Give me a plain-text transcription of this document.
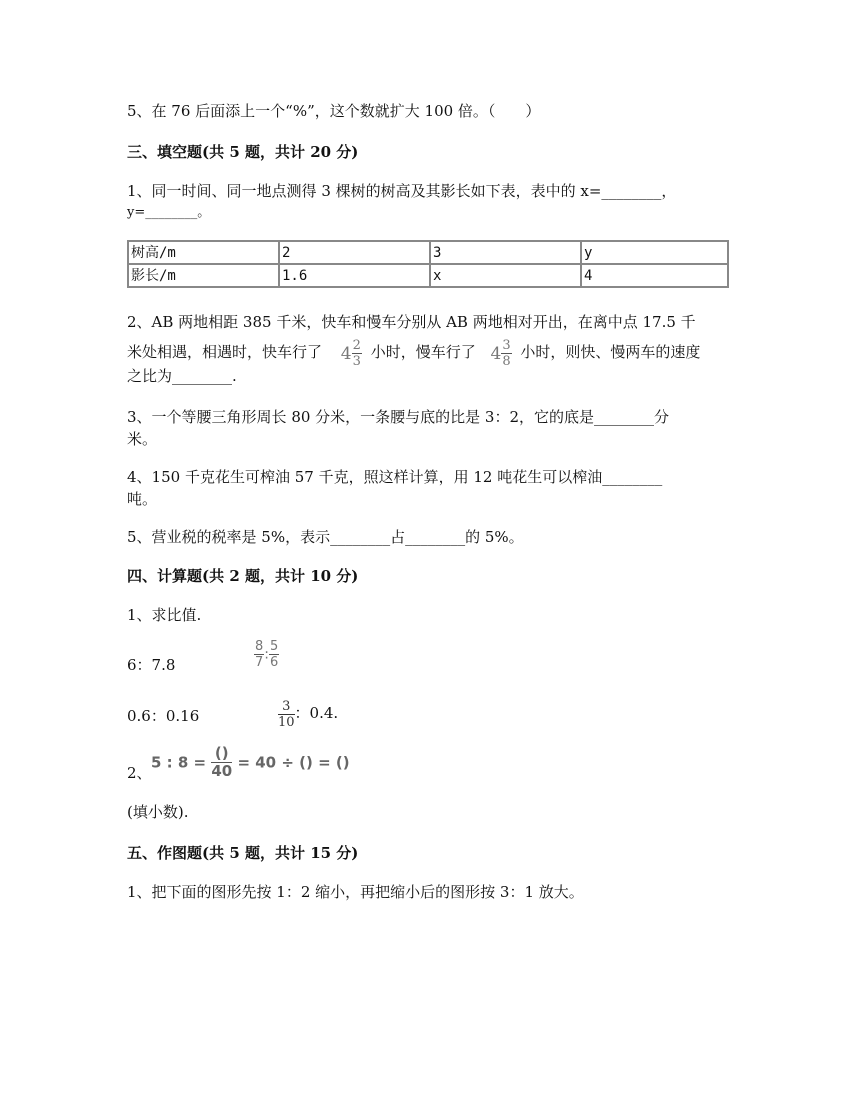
5、在 76 后面添上一个“%”，这个数就扩大 100 倍。（　　）
三、填空题(共 5 题，共计 20 分)
1、同一时间、同一地点测得 3 棵树的树高及其影长如下表，表中的 x=________，
y=________。
树高/m	2	3	y
影长/m	1.6	x	4
2、AB 两地相距 385 千米，快车和慢车分别从 AB 两地相对开出，在离中点 17.5 千
米处相遇，相遇时，快车行了 $4 \frac{2}{3}$ 小时，慢车行了 $4 \frac{3}{8}$ 小时，则快、慢两车的速度
之比为________.
3、一个等腰三角形周长 80 分米，一条腰与底的比是 3：2，它的底是________分
米。
4、150 千克花生可榨油 57 千克，照这样计算，用 12 吨花生可以榨油________
吨。
5、营业税的税率是 5%，表示________占________的 5%。
四、计算题(共 2 题，共计 10 分)
1、求比值.
6：7.8	$\frac{8}{7}$ : $\frac{5}{6}$
0.6：0.16	$\frac{3}{10}$ ：0.4.
2、
5 : $8 = \frac{()}{40} = 40$ ÷ () = ()
(填小数).
五、作图题(共 5 题，共计 15 分)
1、把下面的图形先按 1：2 缩小，再把缩小后的图形按 3：1 放大。
